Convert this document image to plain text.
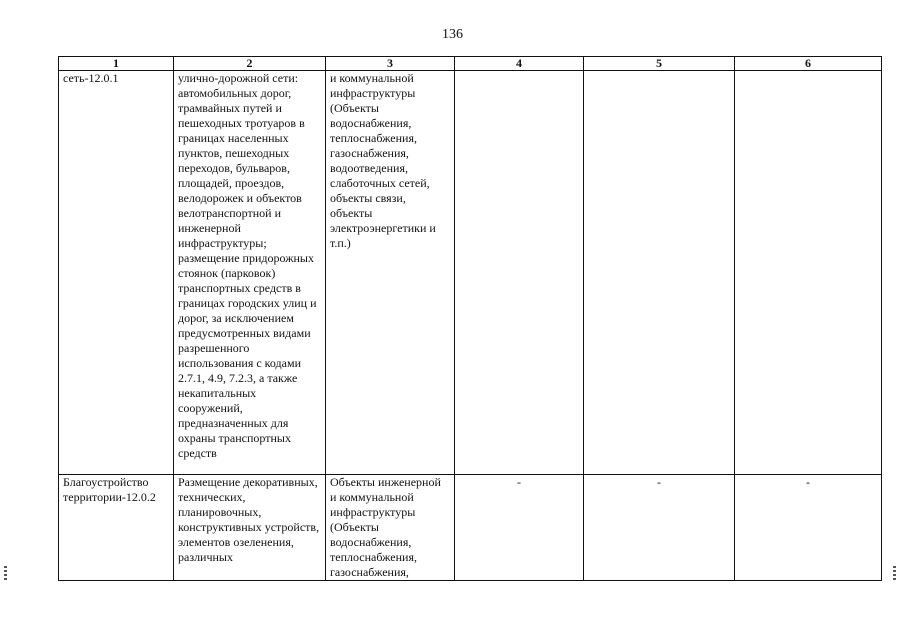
136
1	2	3	4	5	6
сеть-12.0.1	улично-дорожной сети: автомобильных дорог, трамвайных путей и пешеходных тротуаров в границах населенных пунктов, пешеходных переходов, бульваров, площадей, проездов, велодорожек и объектов велотранспортной и инженерной инфраструктуры; размещение придорожных стоянок (парковок) транспортных средств в границах городских улиц и дорог, за исключением предусмотренных видами разрешенного использования с кодами 2.7.1, 4.9, 7.2.3, а также некапитальных сооружений, предназначенных для охраны транспортных средств	и коммунальной инфраструктуры (Объекты водоснабжения, теплоснабжения, газоснабжения, водоотведения, слаботочных сетей, объекты связи, объекты электроэнергетики и т.п.)			
Благоустройство территории-12.0.2	Размещение декоративных, технических, планировочных, конструктивных устройств, элементов озеленения, различных	Объекты инженерной и коммунальной инфраструктуры (Объекты водоснабжения, теплоснабжения, газоснабжения,	-	-	-
